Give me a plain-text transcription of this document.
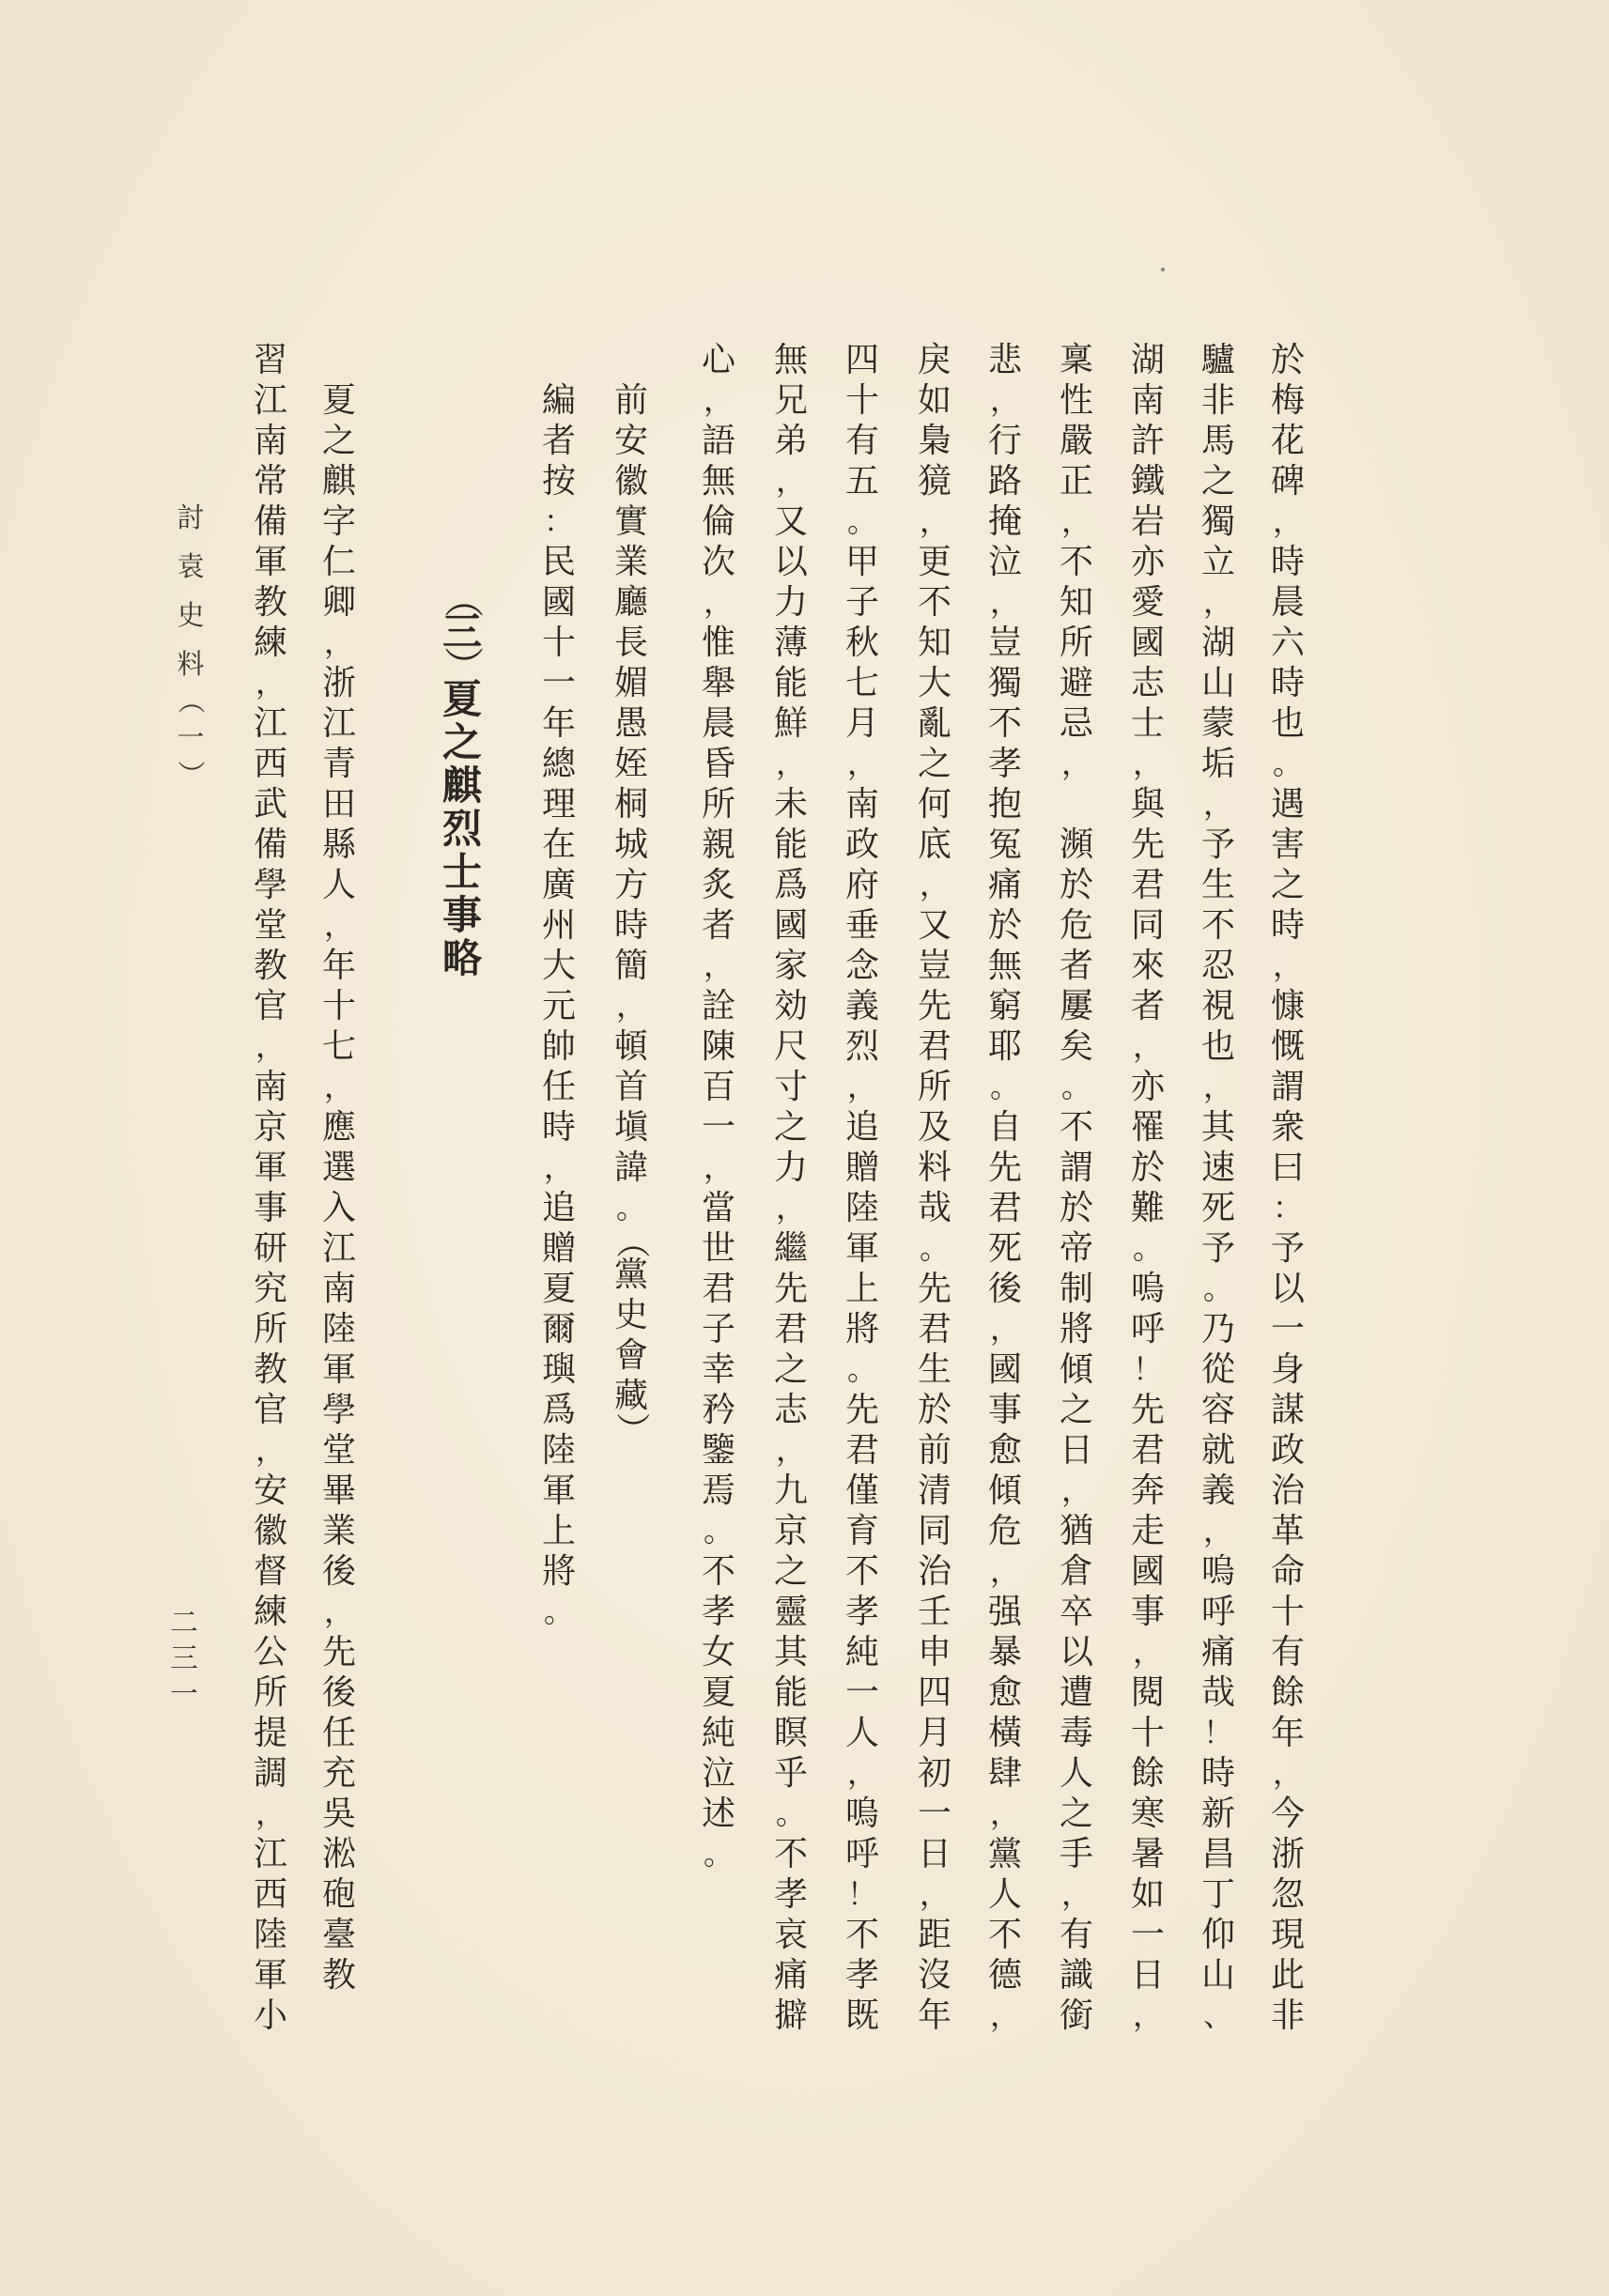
於
梅
花
碑
，
時
晨
六
時
也
。
遇
害
之
時
，
慷
慨
謂
衆
曰
：
予
以
一
身
謀
政
治
革
命
十
有
餘
年
，
今
浙
忽
現
此
非
驢
非
馬
之
獨
立
，
湖
山
蒙
垢
，
予
生
不
忍
視
也
，
其
速
死
予
。
乃
從
容
就
義
，
嗚
呼
痛
哉
！
時
新
昌
丁
仰
山
、
湖
南
許
鐵
岩
亦
愛
國
志
士
，
與
先
君
同
來
者
，
亦
罹
於
難
。
嗚
呼
！
先
君
奔
走
國
事
，
閱
十
餘
寒
暑
如
一
日
，
稟
性
嚴
正
，
不
知
所
避
忌
，

瀕
於
危
者
屢
矣
。
不
謂
於
帝
制
將
傾
之
日
，
猶
倉
卒
以
遭
毒
人
之
手
，
有
識
銜
悲
，
行
路
掩
泣
，
豈
獨
不
孝
抱
冤
痛
於
無
窮
耶
。
自
先
君
死
後
，
國
事
愈
傾
危
，
强
暴
愈
橫
肆
，
黨
人
不
德
，
戾
如
梟
獍
，
更
不
知
大
亂
之
何
底
，
又
豈
先
君
所
及
料
哉
。
先
君
生
於
前
清
同
治
壬
申
四
月
初
一
日
，
距
沒
年
四
十
有
五
。
甲
子
秋
七
月
，
南
政
府
垂
念
義
烈
，
追
贈
陸
軍
上
將
。
先
君
僅
育
不
孝
純
一
人
，
嗚
呼
！
不
孝
既
無
兄
弟
，
又
以
力
薄
能
鮮
，
未
能
爲
國
家
効
尺
寸
之
力
，
繼
先
君
之
志
，
九
京
之
靈
其
能
瞑
乎
。
不
孝
哀
痛
擗
心
，
語
無
倫
次
，
惟
舉
晨
昏
所
親
炙
者
，
詮
陳
百
一
，
當
世
君
子
幸
矜
鑒
焉
。
不
孝
女
夏
純
泣
述
。
前
安
徽
實
業
廳
長
媚
愚
姪
桐
城
方
時
簡
，
頓
首
塡
諱
。
（
黨
史
會
藏
）
編
者
按
：
民
國
十
一
年
總
理
在
廣
州
大
元
帥
任
時
，
追
贈
夏
爾
璵
爲
陸
軍
上
將
。
（
三
）
夏
之
麒
烈
士
事
略
夏
之
麒
字
仁
卿
，
浙
江
青
田
縣
人
，
年
十
七
，
應
選
入
江
南
陸
軍
學
堂
畢
業
後
，
先
後
任
充
吳
淞
砲
臺
教
習
江
南
常
備
軍
教
練
，
江
西
武
備
學
堂
教
官
，
南
京
軍
事
研
究
所
教
官
，
安
徽
督
練
公
所
提
調
，
江
西
陸
軍
小
討
袁
史
料
（
一
）
二
三
一
